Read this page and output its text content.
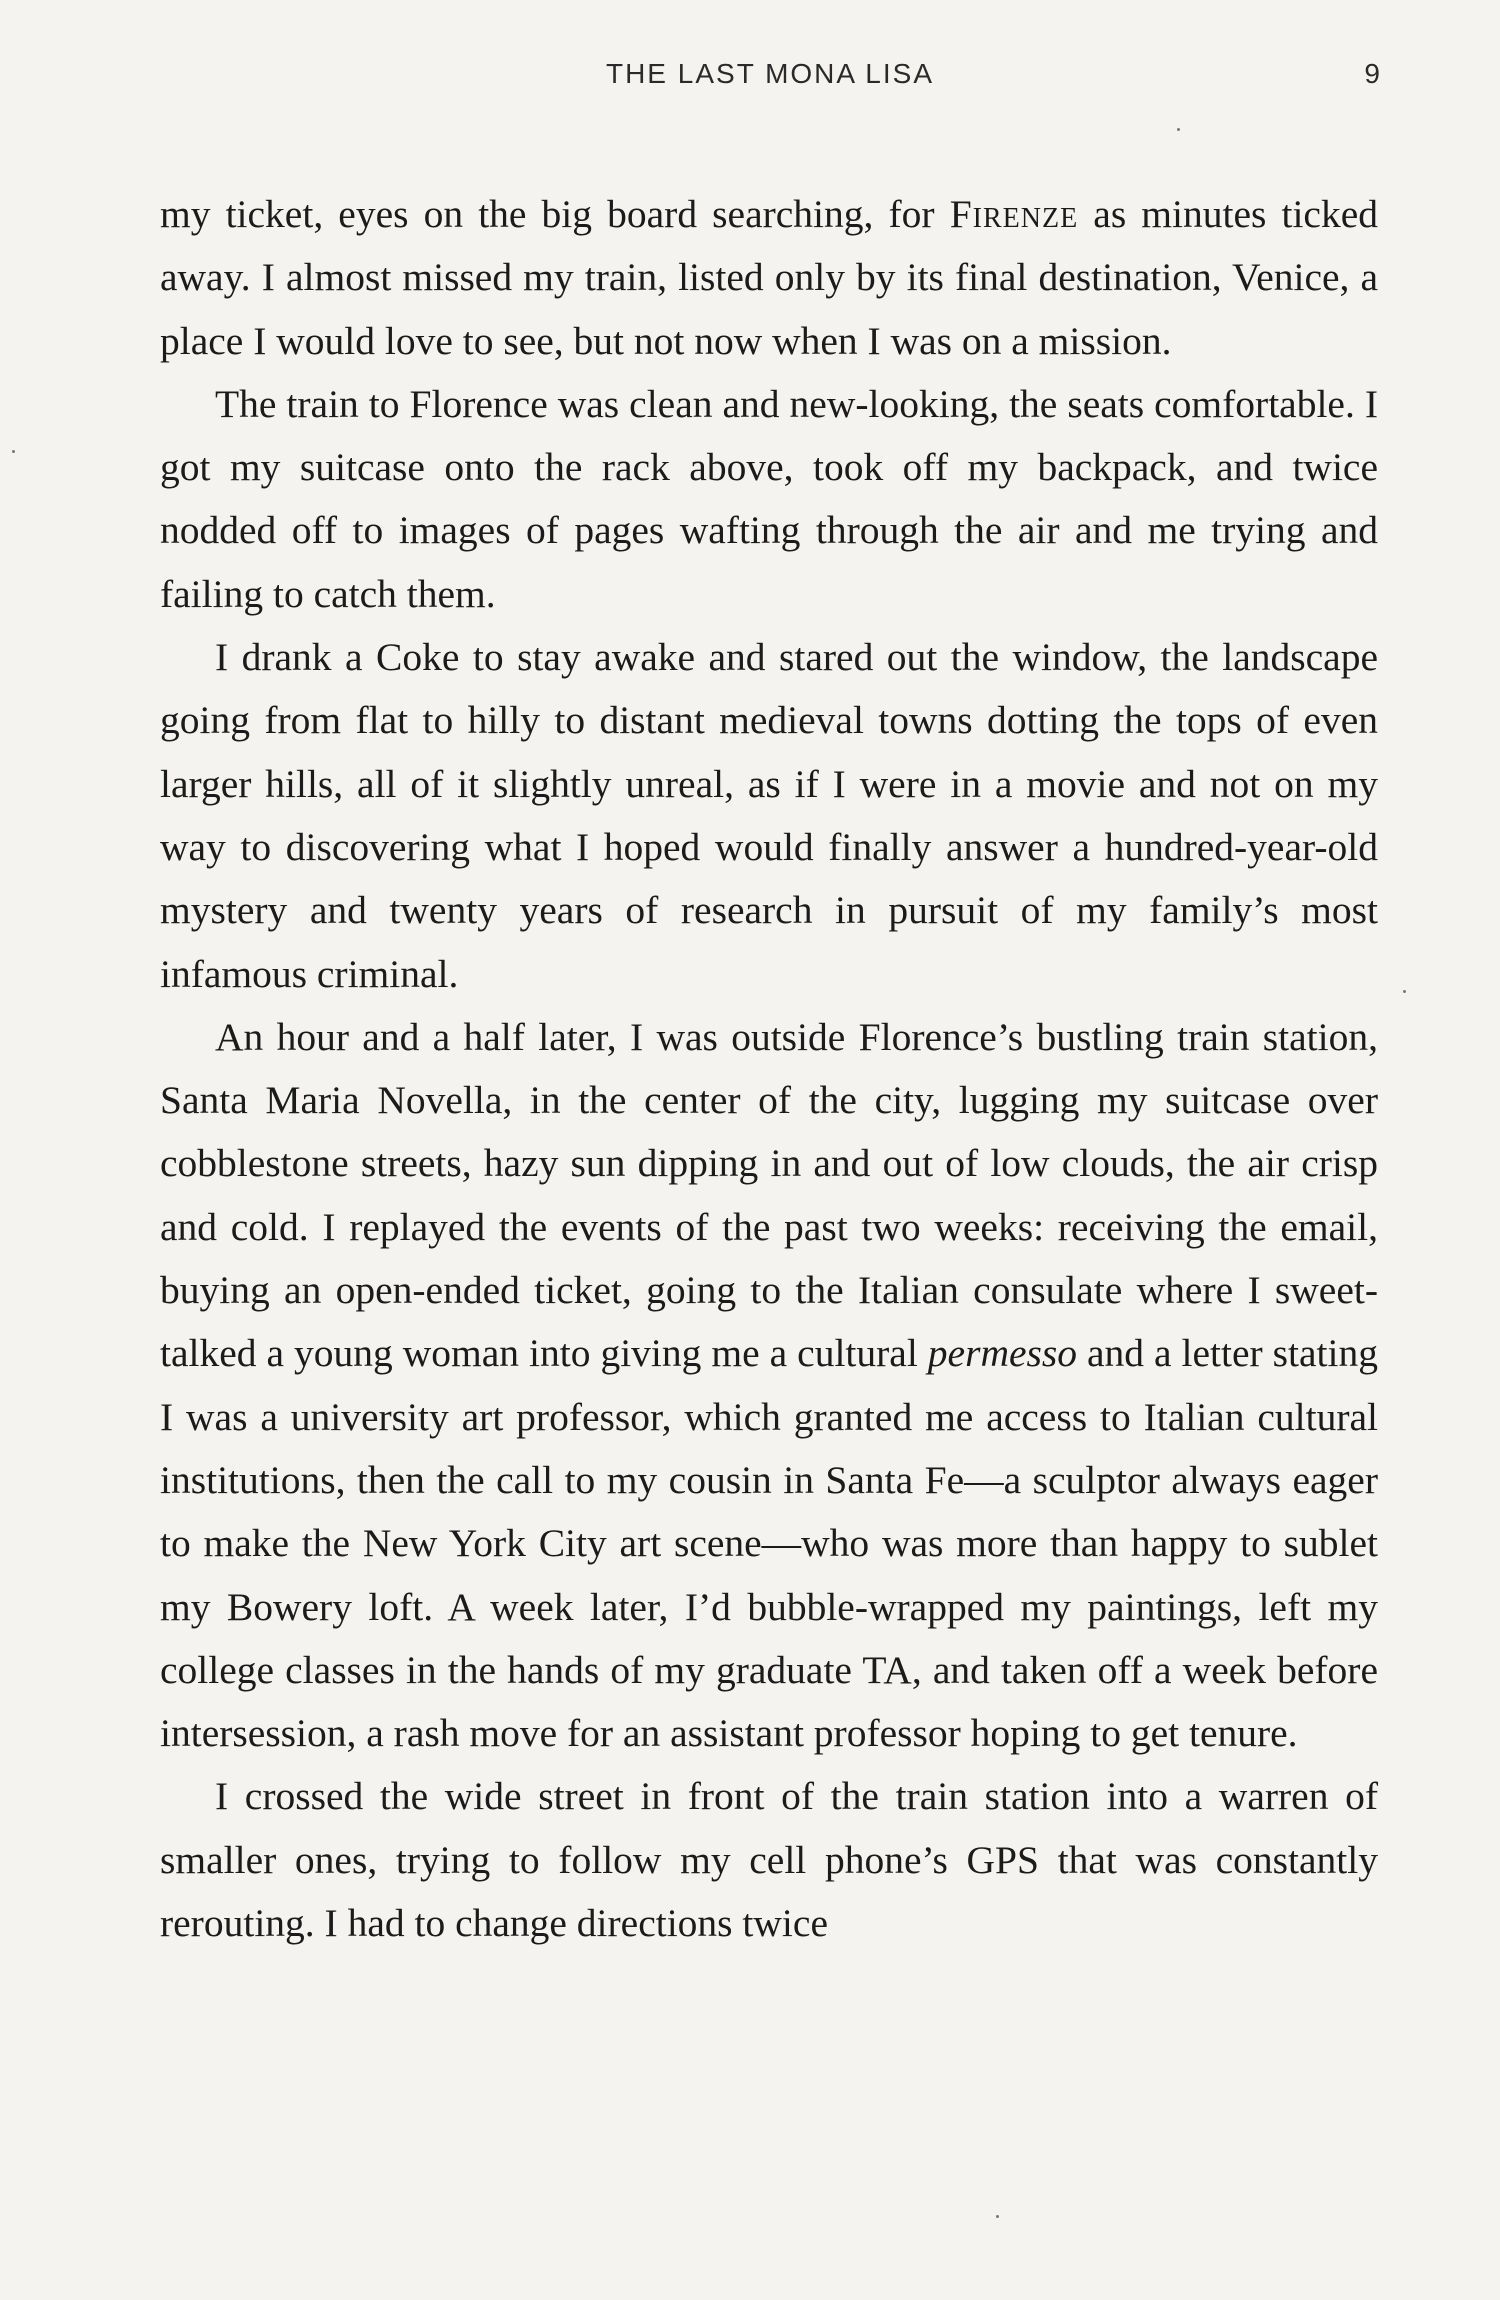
THE LAST MONA LISA	9

my ticket, eyes on the big board searching, for Firenze as minutes ticked away. I almost missed my train, listed only by its final destination, Venice, a place I would love to see, but not now when I was on a mission.

The train to Florence was clean and new-looking, the seats comfortable. I got my suitcase onto the rack above, took off my backpack, and twice nodded off to images of pages wafting through the air and me trying and failing to catch them.

I drank a Coke to stay awake and stared out the window, the landscape going from flat to hilly to distant medieval towns dotting the tops of even larger hills, all of it slightly unreal, as if I were in a movie and not on my way to discovering what I hoped would finally answer a hundred-year-old mystery and twenty years of research in pursuit of my family’s most infamous criminal.

An hour and a half later, I was outside Florence’s bustling train station, Santa Maria Novella, in the center of the city, lugging my suitcase over cobblestone streets, hazy sun dipping in and out of low clouds, the air crisp and cold. I replayed the events of the past two weeks: receiving the email, buying an open-ended ticket, going to the Italian consulate where I sweet-talked a young woman into giving me a cultural permesso and a letter stating I was a university art professor, which granted me access to Italian cultural institutions, then the call to my cousin in Santa Fe—a sculptor always eager to make the New York City art scene—who was more than happy to sublet my Bowery loft. A week later, I’d bubble-wrapped my paintings, left my college classes in the hands of my graduate TA, and taken off a week before intersession, a rash move for an assistant professor hoping to get tenure.

I crossed the wide street in front of the train station into a warren of smaller ones, trying to follow my cell phone’s GPS that was constantly rerouting. I had to change directions twice
